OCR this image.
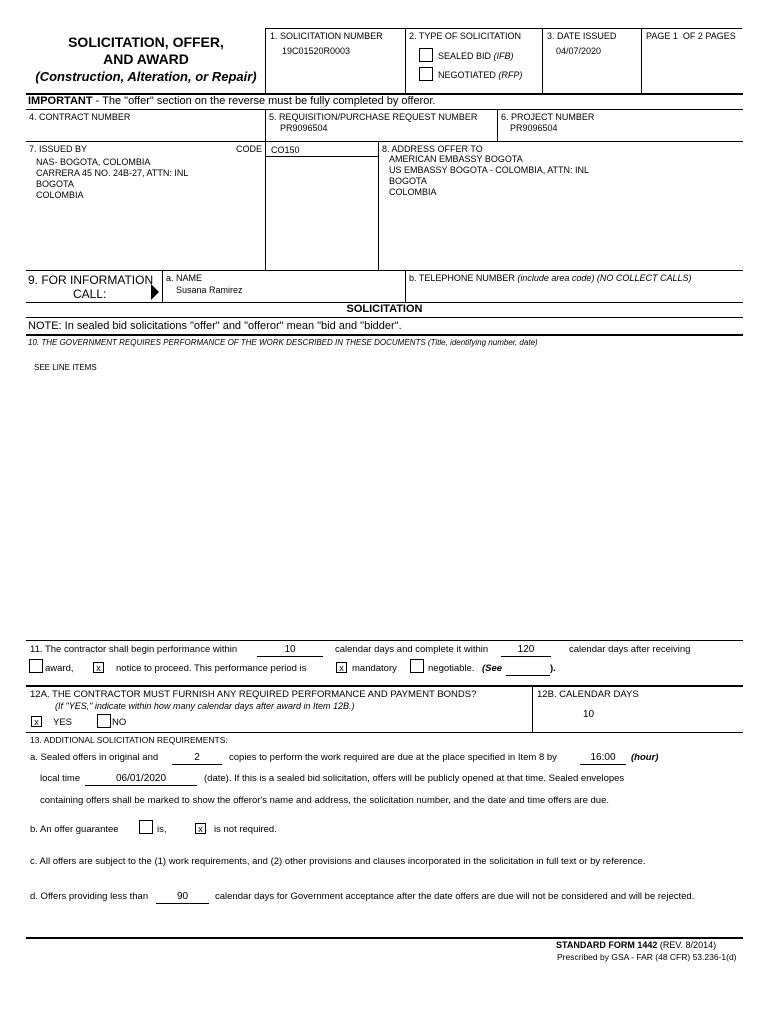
SOLICITATION, OFFER,
AND AWARD
(Construction, Alteration, or Repair)
1. SOLICITATION NUMBER
19C01520R0003
2. TYPE OF SOLICITATION
SEALED BID (IFB)
NEGOTIATED (RFP)
3. DATE ISSUED
04/07/2020
PAGE 1 OF 2 PAGES
IMPORTANT - The "offer" section on the reverse must be fully completed by offeror.
4. CONTRACT NUMBER	5. REQUISITION/PURCHASE REQUEST NUMBER
PR9096504
6. PROJECT NUMBER
PR9096504
7. ISSUED BY	CODE CO150
NAS- BOGOTA, COLOMBIA
CARRERA 45 NO. 24B-27, ATTN: INL
BOGOTA
COLOMBIA
8. ADDRESS OFFER TO
AMERICAN EMBASSY BOGOTA
US EMBASSY BOGOTA - COLOMBIA, ATTN: INL
BOGOTA
COLOMBIA
9. FOR INFORMATION
CALL:
a. NAME
Susana Ramirez
b. TELEPHONE NUMBER (include area code) (NO COLLECT CALLS)
SOLICITATION
NOTE: In sealed bid solicitations "offer" and "offeror" mean "bid and "bidder".
10. THE GOVERNMENT REQUIRES PERFORMANCE OF THE WORK DESCRIBED IN THESE DOCUMENTS (Title, identifying number, date)
SEE LINE ITEMS
11. The contractor shall begin performance within	10	calendar days and complete it within	120	calendar days after receiving
award,	x	notice to proceed. This performance period is	x mandatory	negotiable. (See	).
12A. THE CONTRACTOR MUST FURNISH ANY REQUIRED PERFORMANCE AND PAYMENT BONDS?
(If "YES," indicate within how many calendar days after award in Item 12B.)
x	YES	NO
12B. CALENDAR DAYS
10
13. ADDITIONAL SOLICITATION REQUIREMENTS:
a. Sealed offers in original and	2	copies to perform the work required are due at the place specified in Item 8 by	16:00	(hour)
local time	06/01/2020	(date). If this is a sealed bid solicitation, offers will be publicly opened at that time. Sealed envelopes
containing offers shall be marked to show the offeror's name and address, the solicitation number, and the date and time offers are due.
b. An offer guarantee	is,	x	is not required.
c. All offers are subject to the (1) work requirements, and (2) other provisions and clauses incorporated in the solicitation in full text or by reference.
d. Offers providing less than	90	calendar days for Government acceptance after the date offers are due will not be considered and will be rejected.
STANDARD FORM 1442 (REV. 8/2014)
Prescribed by GSA - FAR (48 CFR) 53.236-1(d)
